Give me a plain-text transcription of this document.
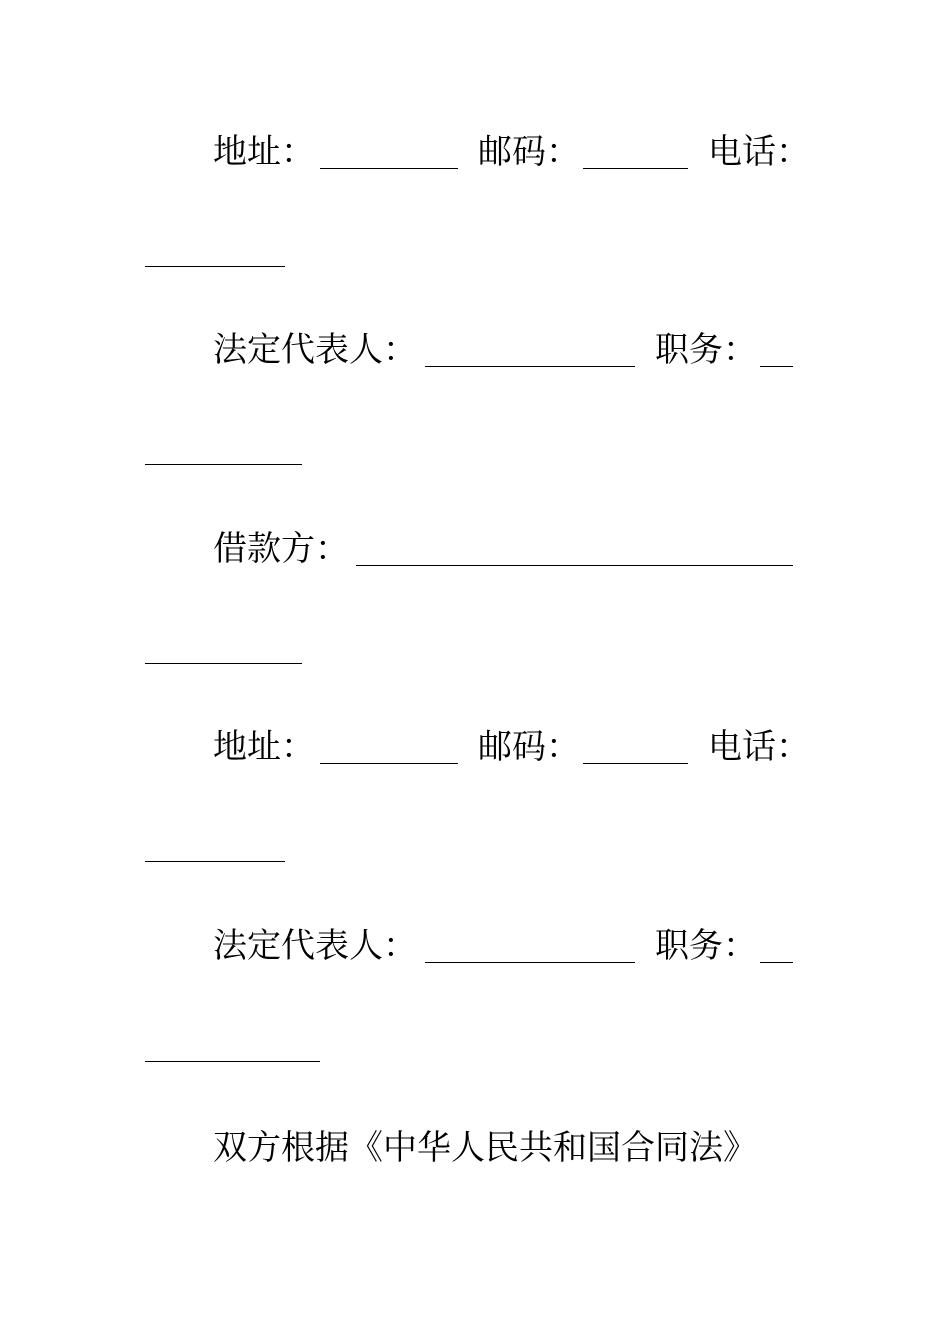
地址：	邮码：	电话：
法定代表人：	职务：
借款方：
地址：	邮码：	电话：
法定代表人：	职务：
双方根据《中华人民共和国合同法》
